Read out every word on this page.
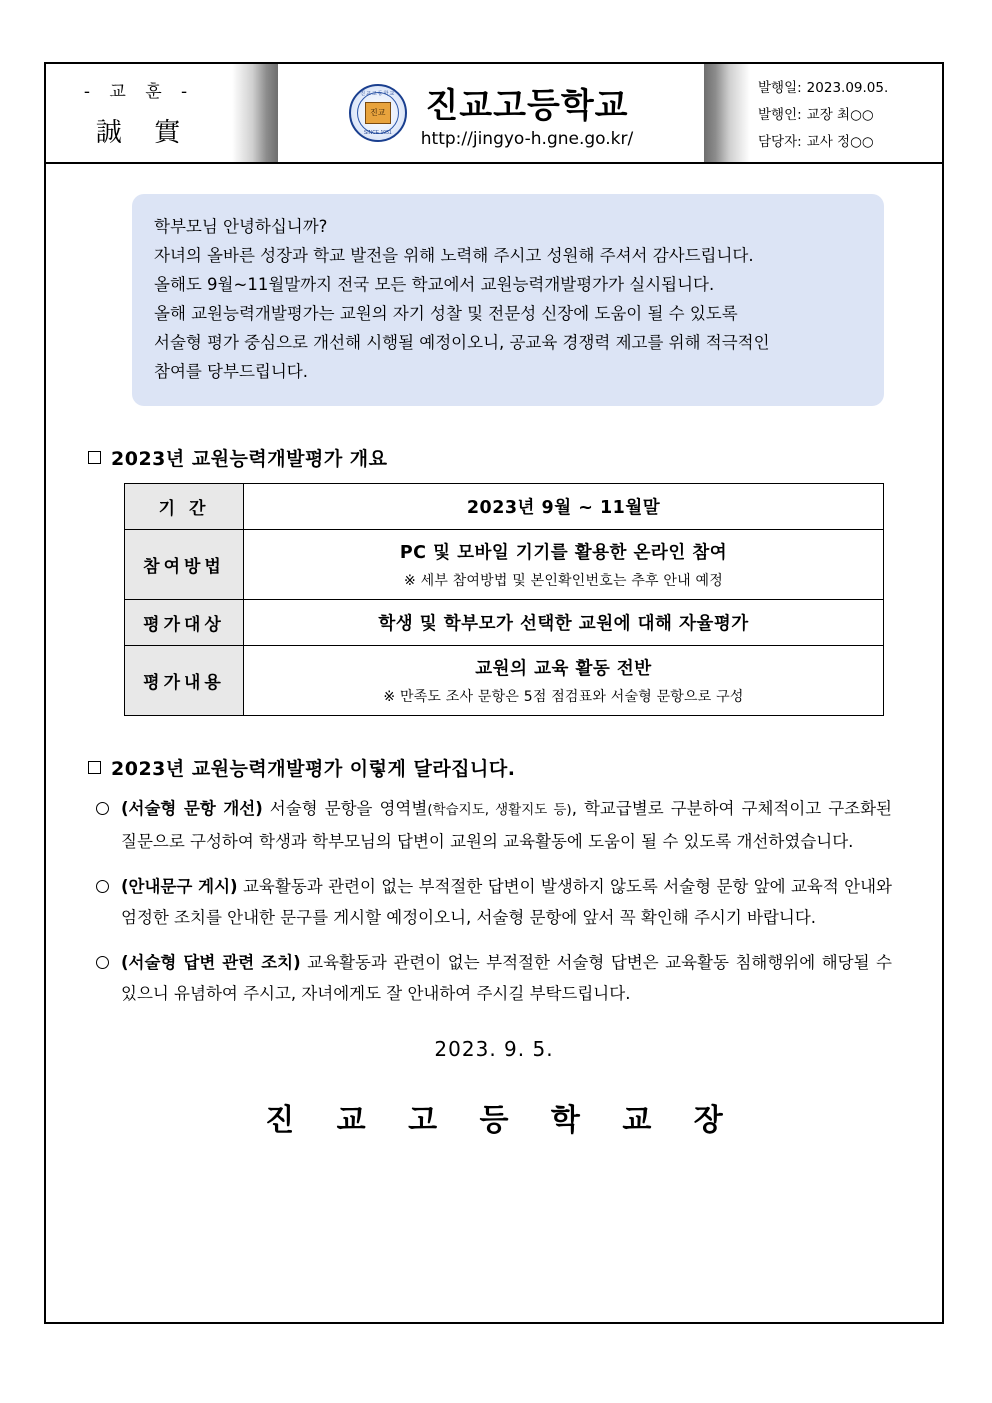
- 교 훈 -
誠 實
진교고등학교
진교
SINCE 1951
진교고등학교
http://jingyo-h.gne.go.kr/
발행일: 2023.09.05.
발행인: 교장 최○○
담당자: 교사 정○○
학부모님 안녕하십니까?
자녀의 올바른 성장과 학교 발전을 위해 노력해 주시고 성원해 주셔서 감사드립니다.
올해도 9월~11월말까지 전국 모든 학교에서 교원능력개발평가가 실시됩니다.
올해 교원능력개발평가는 교원의 자기 성찰 및 전문성 신장에 도움이 될 수 있도록
서술형 평가 중심으로 개선해 시행될 예정이오니, 공교육 경쟁력 제고를 위해 적극적인
참여를 당부드립니다.
2023년 교원능력개발평가 개요
기 간	2023년 9월 ~ 11월말

참여방법	PC 및 모바일 기기를 활용한 온라인 참여
※ 세부 참여방법 및 본인확인번호는 추후 안내 예정

평가대상	학생 및 학부모가 선택한 교원에 대해 자율평가

평가내용	교원의 교육 활동 전반
※ 만족도 조사 문항은 5점 점검표와 서술형 문항으로 구성
2023년 교원능력개발평가 이렇게 달라집니다.
(서술형 문항 개선) 서술형 문항을 영역별(학습지도, 생활지도 등), 학교급별로 구분하여 구체적이고 구조화된 질문으로 구성하여 학생과 학부모님의 답변이 교원의 교육활동에 도움이 될 수 있도록 개선하였습니다.
(안내문구 게시) 교육활동과 관련이 없는 부적절한 답변이 발생하지 않도록 서술형 문항 앞에 교육적 안내와 엄정한 조치를 안내한 문구를 게시할 예정이오니, 서술형 문항에 앞서 꼭 확인해 주시기 바랍니다.
(서술형 답변 관련 조치) 교육활동과 관련이 없는 부적절한 서술형 답변은 교육활동 침해행위에 해당될 수 있으니 유념하여 주시고, 자녀에게도 잘 안내하여 주시길 부탁드립니다.
2023. 9. 5.
진 교 고 등 학 교 장
